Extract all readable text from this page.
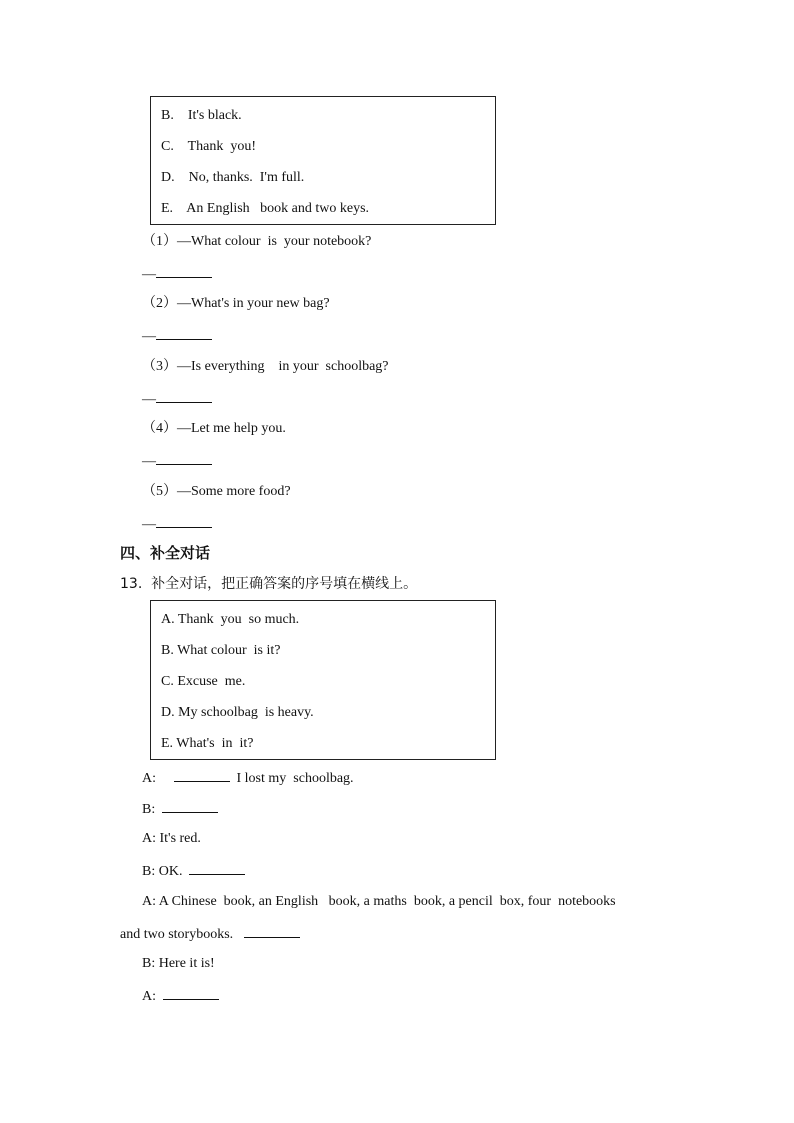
B.    It's black.
C.    Thank  you!
D.    No, thanks.  I'm full.
E.    An English   book and two keys.
（1）—What colour  is  your notebook?
—
（2）—What's in your new bag?
—
（3）—Is everything    in your  schoolbag?
—
（4）—Let me help you.
—
（5）—Some more food?
—
四、补全对话
13.  补全对话，把正确答案的序号填在横线上。
A. Thank  you  so much.
B. What colour  is it?
C. Excuse  me.
D. My schoolbag  is heavy.
E. What's  in  it?
A:	I lost my  schoolbag.
B:
A: It's red.
B: OK.
A: A Chinese  book, an English   book, a maths  book, a pencil  box, four  notebooks
and two storybooks.
B: Here it is!
A:
